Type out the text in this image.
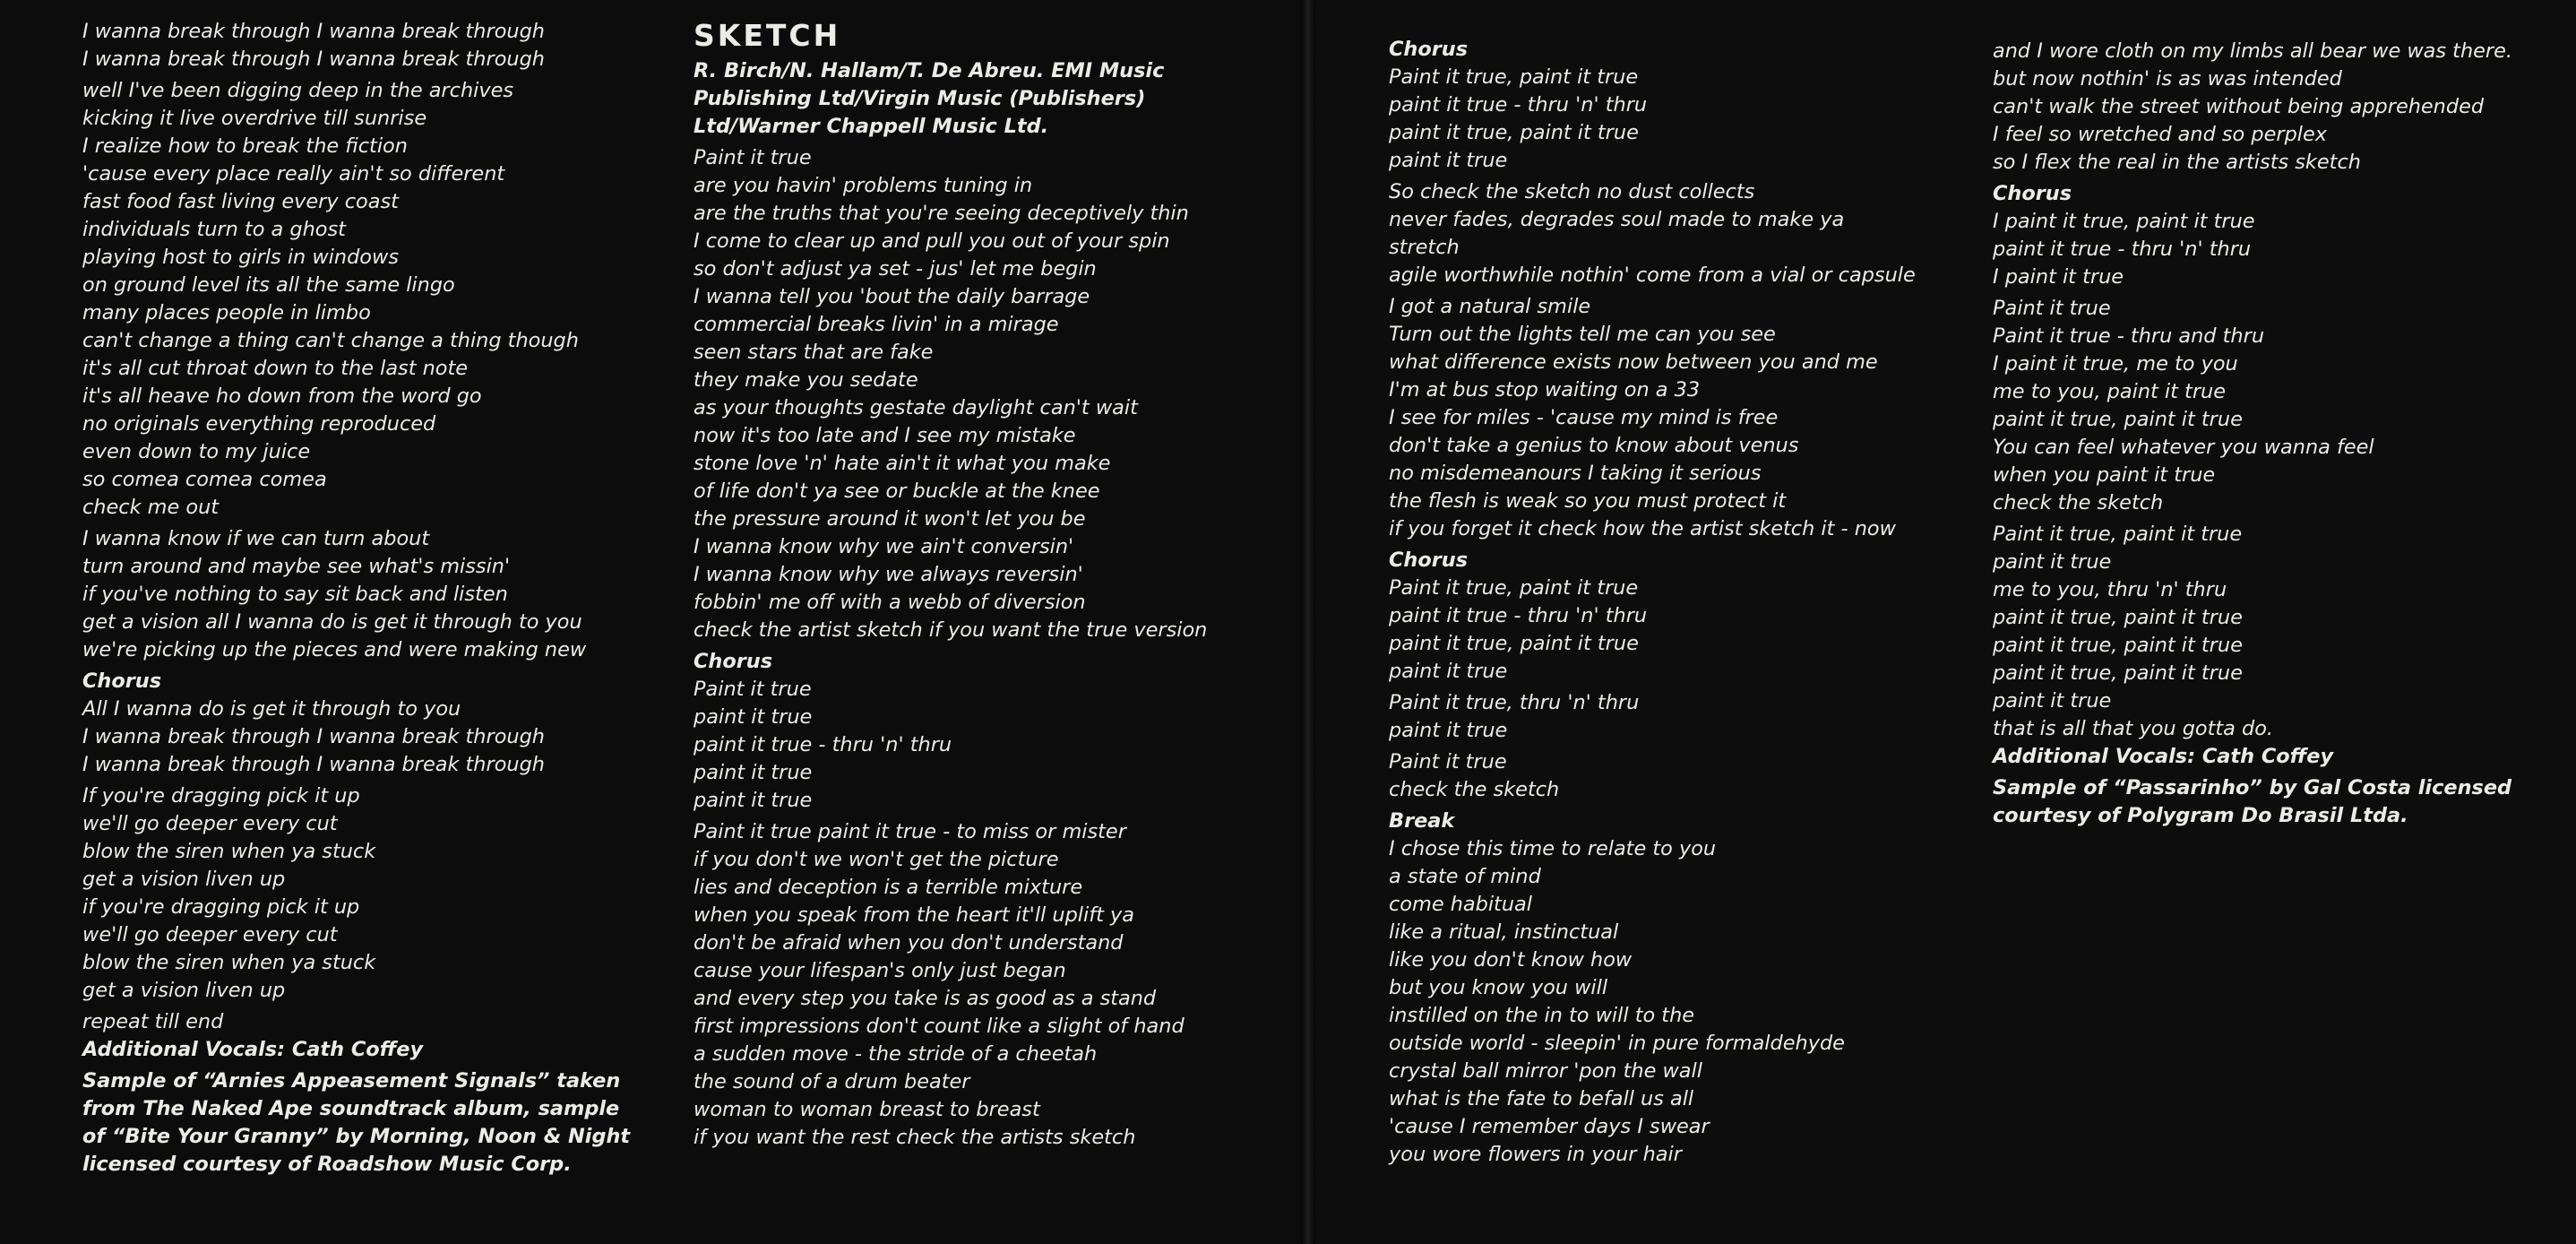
I wanna break through I wanna break through
I wanna break through I wanna break through
well I've been digging deep in the archives
kicking it live overdrive till sunrise
I realize how to break the fiction
'cause every place really ain't so different
fast food fast living every coast
individuals turn to a ghost
playing host to girls in windows
on ground level its all the same lingo
many places people in limbo
can't change a thing can't change a thing though
it's all cut throat down to the last note
it's all heave ho down from the word go
no originals everything reproduced
even down to my juice
so comea comea comea
check me out
I wanna know if we can turn about
turn around and maybe see what's missin'
if you've nothing to say sit back and listen
get a vision all I wanna do is get it through to you
we're picking up the pieces and were making new
Chorus
All I wanna do is get it through to you
I wanna break through I wanna break through
I wanna break through I wanna break through
If you're dragging pick it up
we'll go deeper every cut
blow the siren when ya stuck
get a vision liven up
if you're dragging pick it up
we'll go deeper every cut
blow the siren when ya stuck
get a vision liven up
repeat till end
Additional Vocals: Cath Coffey
Sample of “Arnies Appeasement Signals” taken
from The Naked Ape soundtrack album, sample
of “Bite Your Granny” by Morning, Noon & Night
licensed courtesy of Roadshow Music Corp.
SKETCH
R. Birch/N. Hallam/T. De Abreu. EMI Music
Publishing Ltd/Virgin Music (Publishers)
Ltd/Warner Chappell Music Ltd.
Paint it true
are you havin' problems tuning in
are the truths that you're seeing deceptively thin
I come to clear up and pull you out of your spin
so don't adjust ya set - jus' let me begin
I wanna tell you 'bout the daily barrage
commercial breaks livin' in a mirage
seen stars that are fake
they make you sedate
as your thoughts gestate daylight can't wait
now it's too late and I see my mistake
stone love 'n' hate ain't it what you make
of life don't ya see or buckle at the knee
the pressure around it won't let you be
I wanna know why we ain't conversin'
I wanna know why we always reversin'
fobbin' me off with a webb of diversion
check the artist sketch if you want the true version
Chorus
Paint it true
paint it true
paint it true - thru 'n' thru
paint it true
paint it true
Paint it true paint it true - to miss or mister
if you don't we won't get the picture
lies and deception is a terrible mixture
when you speak from the heart it'll uplift ya
don't be afraid when you don't understand
cause your lifespan's only just began
and every step you take is as good as a stand
first impressions don't count like a slight of hand
a sudden move - the stride of a cheetah
the sound of a drum beater
woman to woman breast to breast
if you want the rest check the artists sketch
Chorus
Paint it true, paint it true
paint it true - thru 'n' thru
paint it true, paint it true
paint it true
So check the sketch no dust collects
never fades, degrades soul made to make ya
stretch
agile worthwhile nothin' come from a vial or capsule
I got a natural smile
Turn out the lights tell me can you see
what difference exists now between you and me
I'm at bus stop waiting on a 33
I see for miles - 'cause my mind is free
don't take a genius to know about venus
no misdemeanours I taking it serious
the flesh is weak so you must protect it
if you forget it check how the artist sketch it - now
Chorus
Paint it true, paint it true
paint it true - thru 'n' thru
paint it true, paint it true
paint it true
Paint it true, thru 'n' thru
paint it true
Paint it true
check the sketch
Break
I chose this time to relate to you
a state of mind
come habitual
like a ritual, instinctual
like you don't know how
but you know you will
instilled on the in to will to the
outside world - sleepin' in pure formaldehyde
crystal ball mirror 'pon the wall
what is the fate to befall us all
'cause I remember days I swear
you wore flowers in your hair
and I wore cloth on my limbs all bear we was there.
but now nothin' is as was intended
can't walk the street without being apprehended
I feel so wretched and so perplex
so I flex the real in the artists sketch
Chorus
I paint it true, paint it true
paint it true - thru 'n' thru
I paint it true
Paint it true
Paint it true - thru and thru
I paint it true, me to you
me to you, paint it true
paint it true, paint it true
You can feel whatever you wanna feel
when you paint it true
check the sketch
Paint it true, paint it true
paint it true
me to you, thru 'n' thru
paint it true, paint it true
paint it true, paint it true
paint it true, paint it true
paint it true
that is all that you gotta do.
Additional Vocals: Cath Coffey
Sample of “Passarinho” by Gal Costa licensed
courtesy of Polygram Do Brasil Ltda.
